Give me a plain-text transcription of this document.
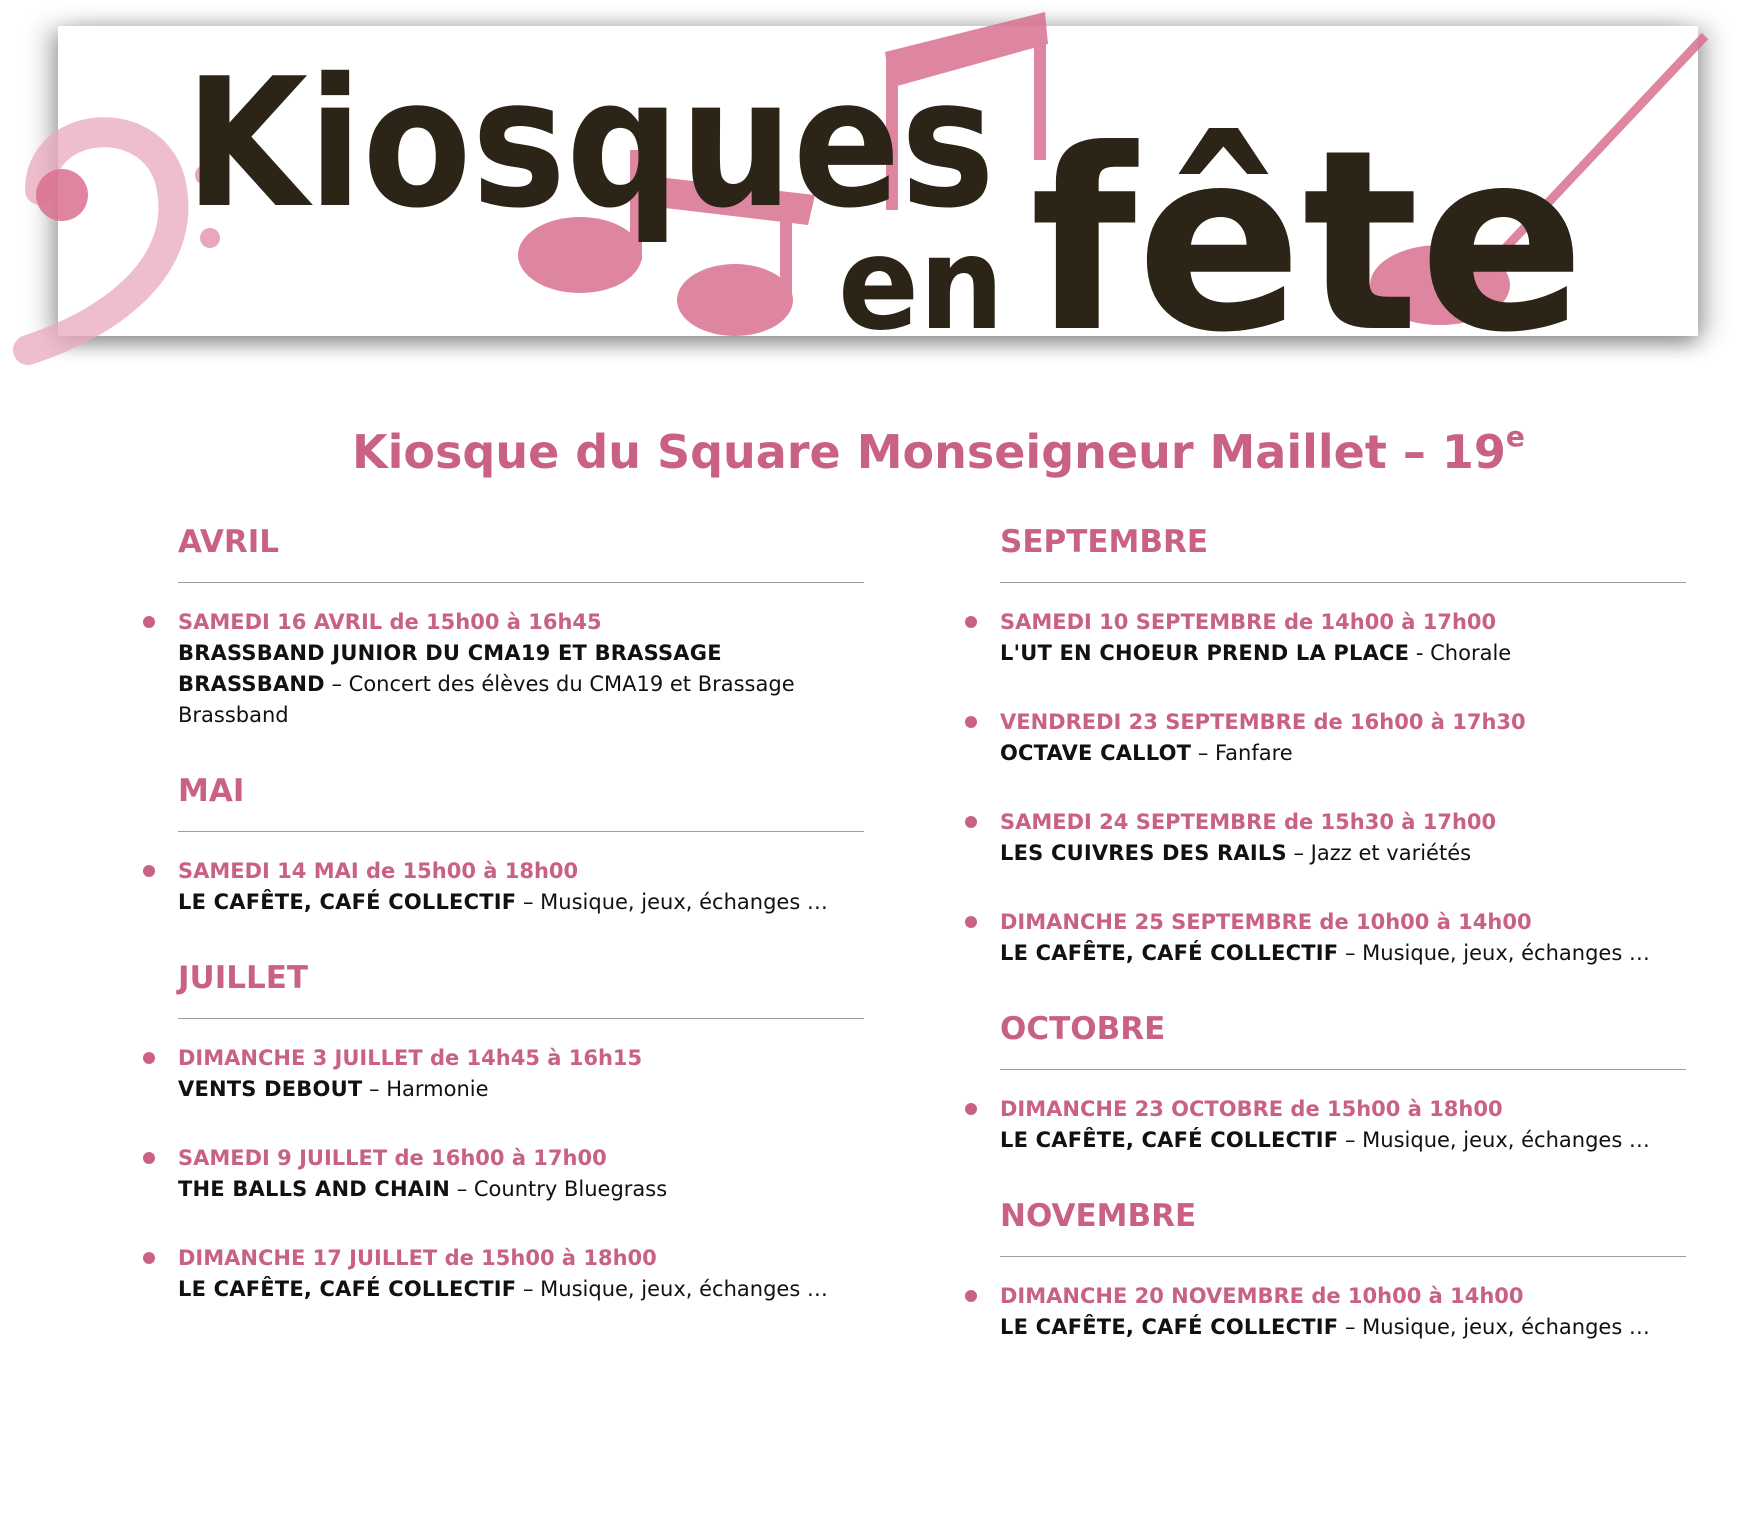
Kiosques
en fête
Kiosque du Square Monseigneur Maillet – 19e
AVRIL
SAMEDI 16 AVRIL de 15h00 à 16h45
BRASSBAND JUNIOR DU CMA19 ET BRASSAGE BRASSBAND – Concert des élèves du CMA19 et Brassage Brassband
MAI
SAMEDI 14 MAI de 15h00 à 18h00
LE CAFÊTE, CAFÉ COLLECTIF – Musique, jeux, échanges …
JUILLET
DIMANCHE 3 JUILLET de 14h45 à 16h15
VENTS DEBOUT – Harmonie
SAMEDI 9 JUILLET de 16h00 à 17h00
THE BALLS AND CHAIN – Country Bluegrass
DIMANCHE 17 JUILLET de 15h00 à 18h00
LE CAFÊTE, CAFÉ COLLECTIF – Musique, jeux, échanges …
SEPTEMBRE
SAMEDI 10 SEPTEMBRE de 14h00 à 17h00
L'UT EN CHOEUR PREND LA PLACE - Chorale
VENDREDI 23 SEPTEMBRE de 16h00 à 17h30
OCTAVE CALLOT – Fanfare
SAMEDI 24 SEPTEMBRE de 15h30 à 17h00
LES CUIVRES DES RAILS – Jazz et variétés
DIMANCHE 25 SEPTEMBRE de 10h00 à 14h00
LE CAFÊTE, CAFÉ COLLECTIF – Musique, jeux, échanges …
OCTOBRE
DIMANCHE 23 OCTOBRE de 15h00 à 18h00
LE CAFÊTE, CAFÉ COLLECTIF – Musique, jeux, échanges …
NOVEMBRE
DIMANCHE 20 NOVEMBRE de 10h00 à 14h00
LE CAFÊTE, CAFÉ COLLECTIF – Musique, jeux, échanges …
